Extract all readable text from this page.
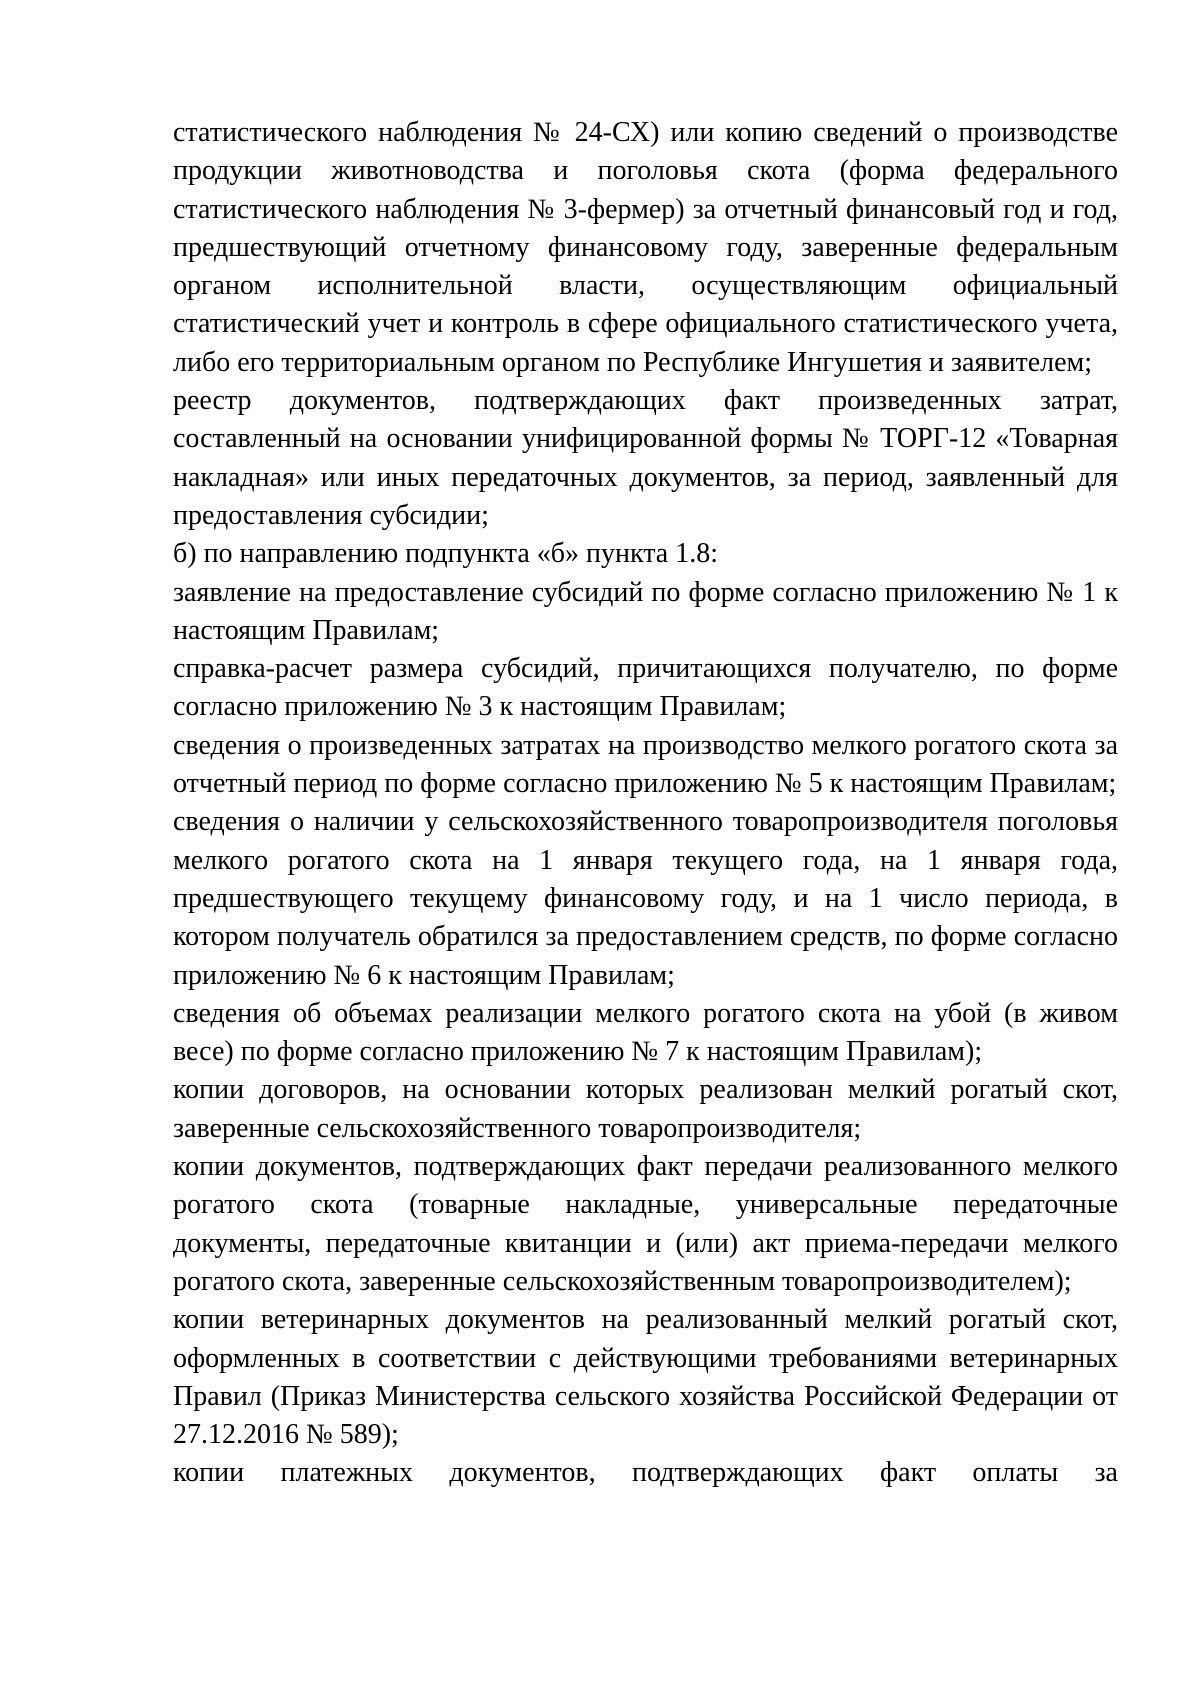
статистического наблюдения № 24-СХ) или копию сведений о производстве продукции животноводства и поголовья скота (форма федерального статистического наблюдения № 3-фермер) за отчетный финансовый год и год, предшествующий отчетному финансовому году, заверенные федеральным органом исполнительной власти, осуществляющим официальный статистический учет и контроль в сфере официального статистического учета, либо его территориальным органом по Республике Ингушетия и заявителем;

реестр документов, подтверждающих факт произведенных затрат, составленный на основании унифицированной формы № ТОРГ-12 «Товарная накладная» или иных передаточных документов, за период, заявленный для предоставления субсидии;

б) по направлению подпункта «б» пункта 1.8:

заявление на предоставление субсидий по форме согласно приложению № 1 к настоящим Правилам;

справка-расчет размера субсидий, причитающихся получателю, по форме согласно приложению № 3 к настоящим Правилам;

сведения о произведенных затратах на производство мелкого рогатого скота за отчетный период по форме согласно приложению № 5 к настоящим Правилам;

сведения о наличии у сельскохозяйственного товаропроизводителя поголовья мелкого рогатого скота на 1 января текущего года, на 1 января года, предшествующего текущему финансовому году, и на 1 число периода, в котором получатель обратился за предоставлением средств, по форме согласно приложению № 6 к настоящим Правилам;

сведения об объемах реализации мелкого рогатого скота на убой (в живом весе) по форме согласно приложению № 7 к настоящим Правилам);

копии договоров, на основании которых реализован мелкий рогатый скот, заверенные сельскохозяйственного товаропроизводителя;

копии документов, подтверждающих факт передачи реализованного мелкого рогатого скота (товарные накладные, универсальные передаточные документы, передаточные квитанции и (или) акт приема-передачи мелкого рогатого скота, заверенные сельскохозяйственным товаропроизводителем);

копии ветеринарных документов на реализованный мелкий рогатый скот, оформленных в соответствии с действующими требованиями ветеринарных Правил (Приказ Министерства сельского хозяйства Российской Федерации от 27.12.2016 № 589);

копии платежных документов, подтверждающих факт оплаты за
